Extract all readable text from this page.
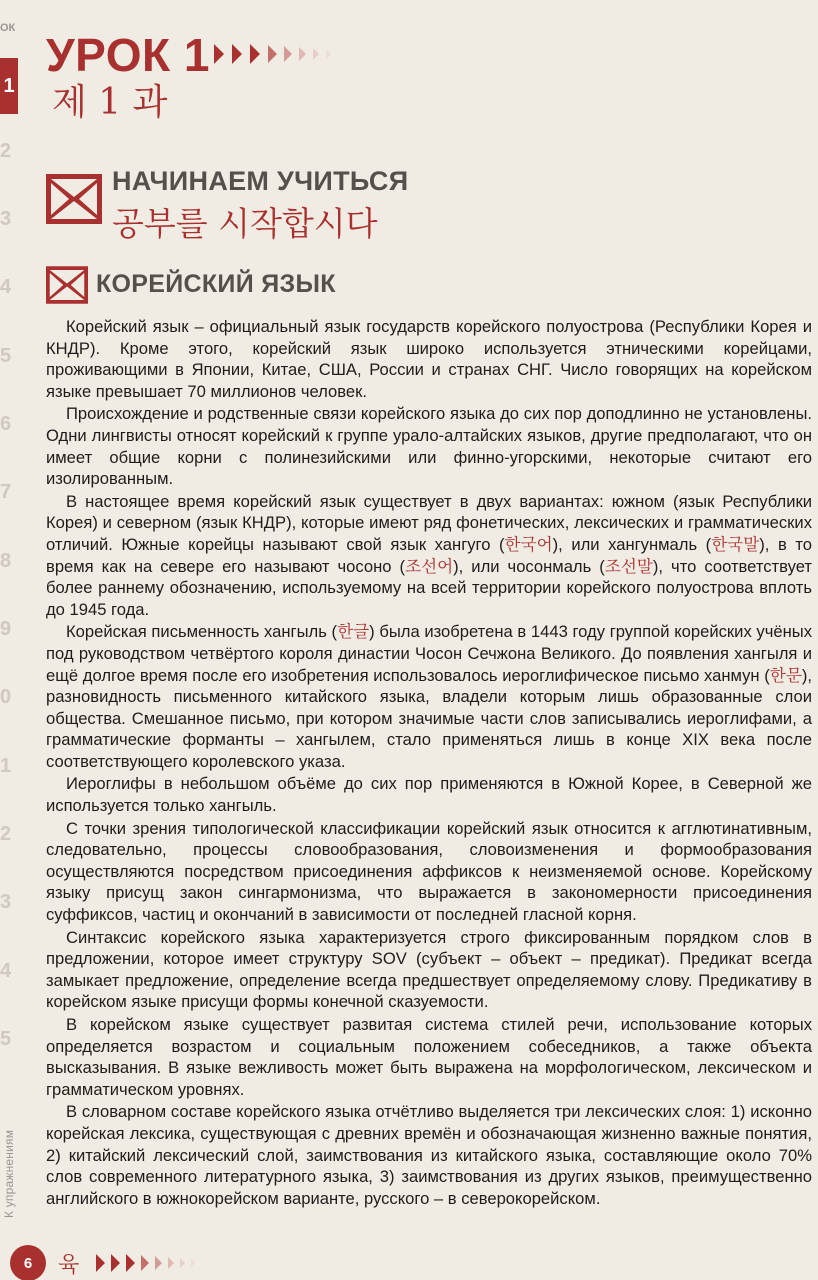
ОК
1
2
3
4
5
6
7
8
9
0
1
2
3
4
5
К упражнениям
УРОК 1
제 1 과
НАЧИНАЕМ УЧИТЬСЯ
공부를 시작합시다
КОРЕЙСКИЙ ЯЗЫК

Корейский язык – официальный язык государств корейского полуострова (Республики Корея и КНДР). Кроме этого, корейский язык широко используется этническими корейцами, проживающими в Японии, Китае, США, России и странах СНГ. Число говорящих на корейском языке превышает 70 миллионов человек.

Происхождение и родственные связи корейского языка до сих пор доподлинно не установлены. Одни лингвисты относят корейский к группе урало-алтайских языков, другие предполагают, что он имеет общие корни с полинезийскими или финно-угорскими, некоторые считают его изолированным.

В настоящее время корейский язык существует в двух вариантах: южном (язык Республики Корея) и северном (язык КНДР), которые имеют ряд фонетических, лексических и грамматических отличий. Южные корейцы называют свой язык хангуго (한국어), или хангунмаль (한국말), в то время как на севере его называют чосоно (조선어), или чосонмаль (조선말), что соответствует более раннему обозначению, используемому на всей территории корейского полуострова вплоть до 1945 года.

Корейская письменность хангыль (한글) была изобретена в 1443 году группой корейских учёных под руководством четвёртого короля династии Чосон Сечжона Великого. До появления хангыля и ещё долгое время после его изобретения использовалось иероглифическое письмо ханмун (한문), разновидность письменного китайского языка, владели которым лишь образованные слои общества. Смешанное письмо, при котором значимые части слов записывались иероглифами, а грамматические форманты – хангылем, стало применяться лишь в конце XIX века после соответствующего королевского указа.

Иероглифы в небольшом объёме до сих пор применяются в Южной Корее, в Северной же используется только хангыль.

С точки зрения типологической классификации корейский язык относится к агглютинативным, следовательно, процессы словообразования, словоизменения и формообразования осуществляются посредством присоединения аффиксов к неизменяемой основе. Корейскому языку присущ закон сингармонизма, что выражается в закономерности присоединения суффиксов, частиц и окончаний в зависимости от последней гласной корня.

Синтаксис корейского языка характеризуется строго фиксированным порядком слов в предложении, которое имеет структуру SOV (субъект – объект – предикат). Предикат всегда замыкает предложение, определение всегда предшествует определяемому слову. Предикативу в корейском языке присущи формы конечной сказуемости.

В корейском языке существует развитая система стилей речи, использование которых определяется возрастом и социальным положением собеседников, а также объекта высказывания. В языке вежливость может быть выражена на морфологическом, лексическом и грамматическом уровнях.

В словарном составе корейского языка отчётливо выделяется три лексических слоя: 1) исконно корейская лексика, существующая с древних времён и обозначающая жизненно важные понятия, 2) китайский лексический слой, заимствования из китайского языка, составляющие около 70% слов современного литературного языка, 3) заимствования из других языков, преимущественно английского в южнокорейском варианте, русского – в северокорейском.

6	육
